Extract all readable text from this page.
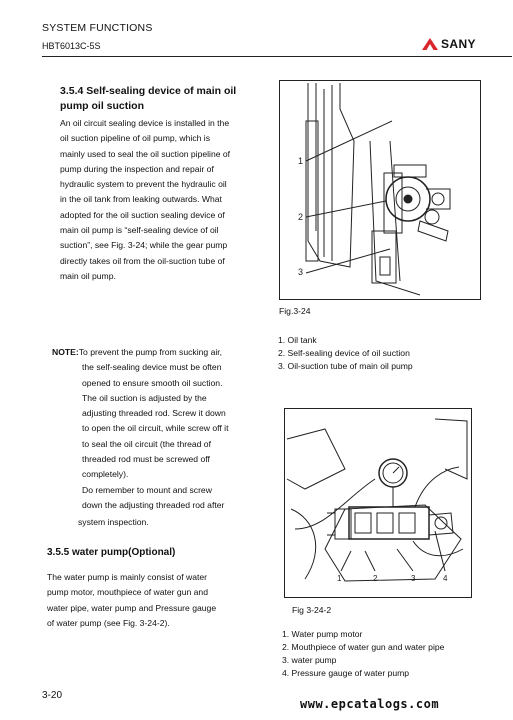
SYSTEM FUNCTIONS
HBT6013C-5S	SANY
3.5.4 Self-sealing device of main oil
pump oil suction
An oil circuit sealing device is installed in the
oil suction pipeline of oil pump, which is
mainly used to seal the oil suction pipeline of
pump during the inspection and repair of
hydraulic system to prevent the hydraulic oil
in the oil tank from leaking outwards. What
adopted for the oil suction sealing device of
main oil pump is “self-sealing device of oil
suction”, see Fig. 3-24; while the gear pump
directly takes oil from the oil-suction tube of
main oil pump.
1
2
3
Fig.3-24
1. Oil tank
2. Self-sealing device of oil suction
3. Oil-suction tube of main oil pump

NOTE:To prevent the pump from sucking air,

the self-sealing device must be often

opened to ensure smooth oil suction.

The oil suction is adjusted by the

adjusting threaded rod. Screw it down

to open the oil circuit, while screw off it

to seal the oil circuit (the thread of

threaded rod must be screwed off

completely).

Do remember to mount and screw

down the adjusting threaded rod after

system inspection.

3.5.5 water pump(Optional)
The water pump is mainly consist of water
pump motor, mouthpiece of water gun and
water pipe, water pump and Pressure gauge
of water pump (see Fig. 3-24-2).
1	2	3	4
Fig 3-24-2
1. Water pump motor
2. Mouthpiece of water gun and water pipe
3. water pump
4. Pressure gauge of water pump
3-20
www.epcatalogs.com
